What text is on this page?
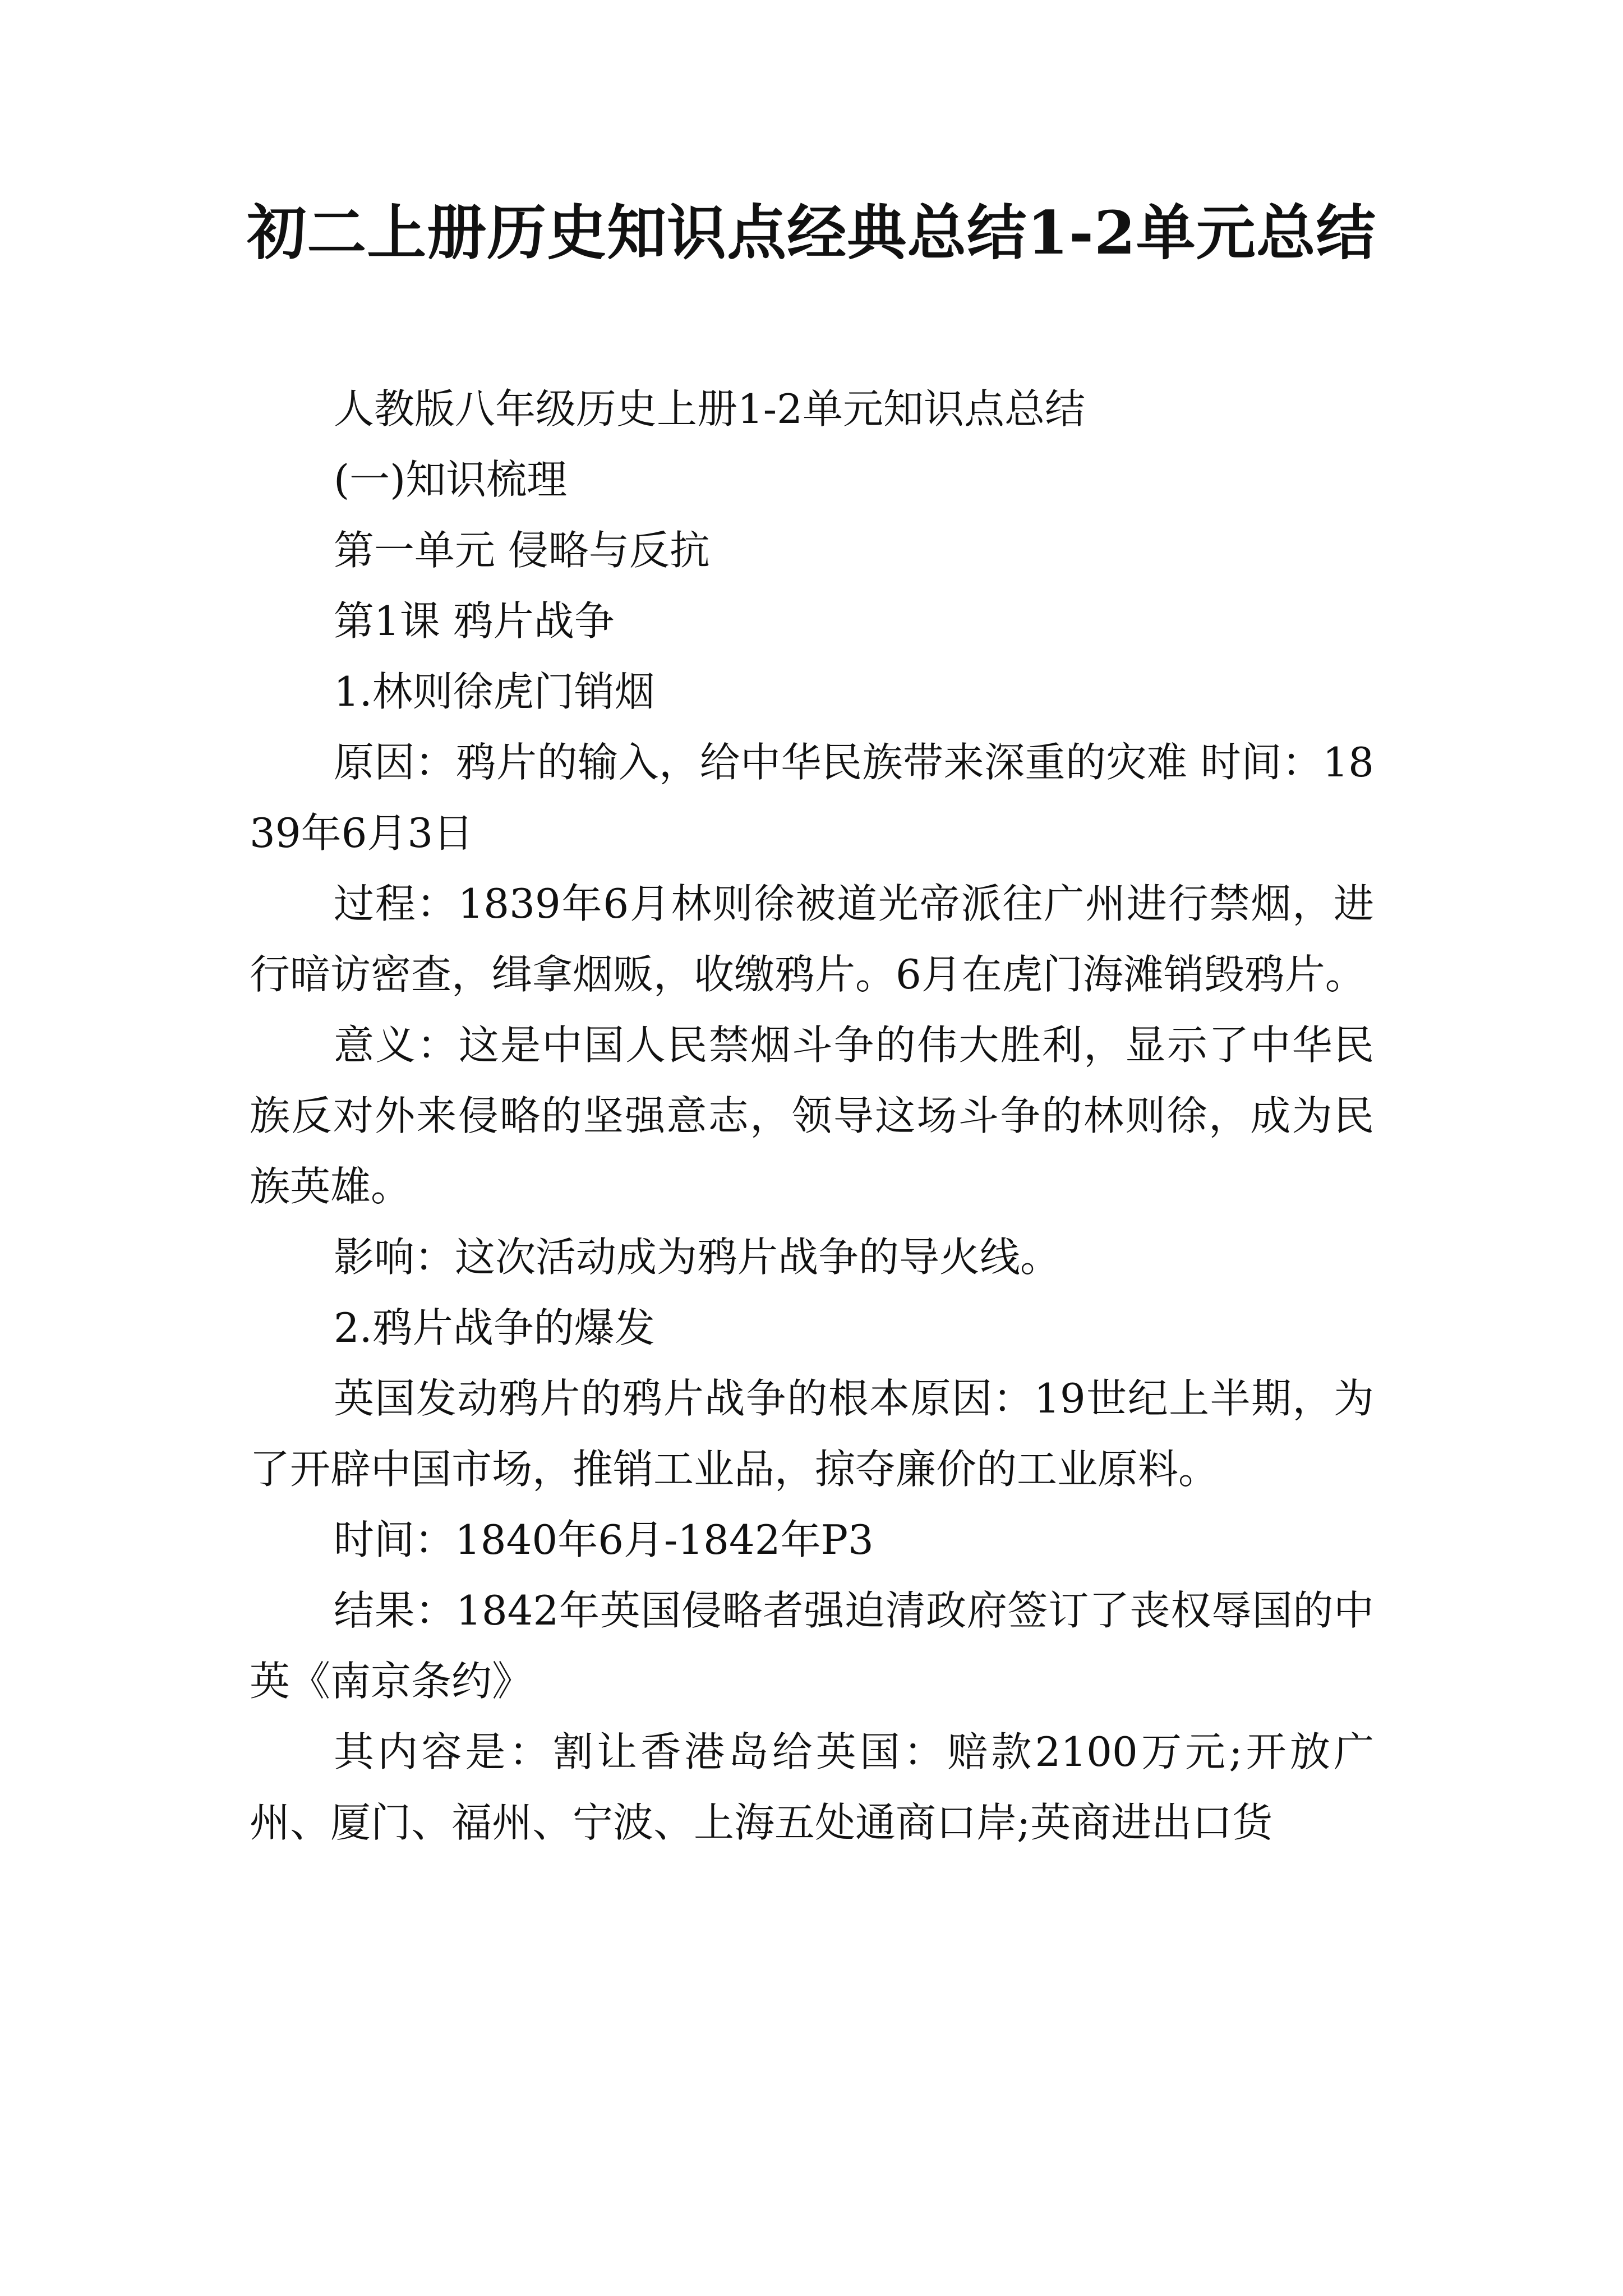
初二上册历史知识点经典总结1-2单元总结

人教版八年级历史上册1-2单元知识点总结

(一)知识梳理

第一单元 侵略与反抗

第1课 鸦片战争

1.林则徐虎门销烟

原因：鸦片的输入，给中华民族带来深重的灾难 时间：1839年6月3日

过程：1839年6月林则徐被道光帝派往广州进行禁烟，进行暗访密查，缉拿烟贩，收缴鸦片。6月在虎门海滩销毁鸦片。

意义：这是中国人民禁烟斗争的伟大胜利，显示了中华民族反对外来侵略的坚强意志，领导这场斗争的林则徐，成为民族英雄。

影响：这次活动成为鸦片战争的导火线。

2.鸦片战争的爆发

英国发动鸦片的鸦片战争的根本原因：19世纪上半期，为了开辟中国市场，推销工业品，掠夺廉价的工业原料。

时间：1840年6月-1842年P3

结果：1842年英国侵略者强迫清政府签订了丧权辱国的中英《南京条约》

其内容是：割让香港岛给英国：赔款2100万元;开放广州、厦门、福州、宁波、上海五处通商口岸;英商进出口货
